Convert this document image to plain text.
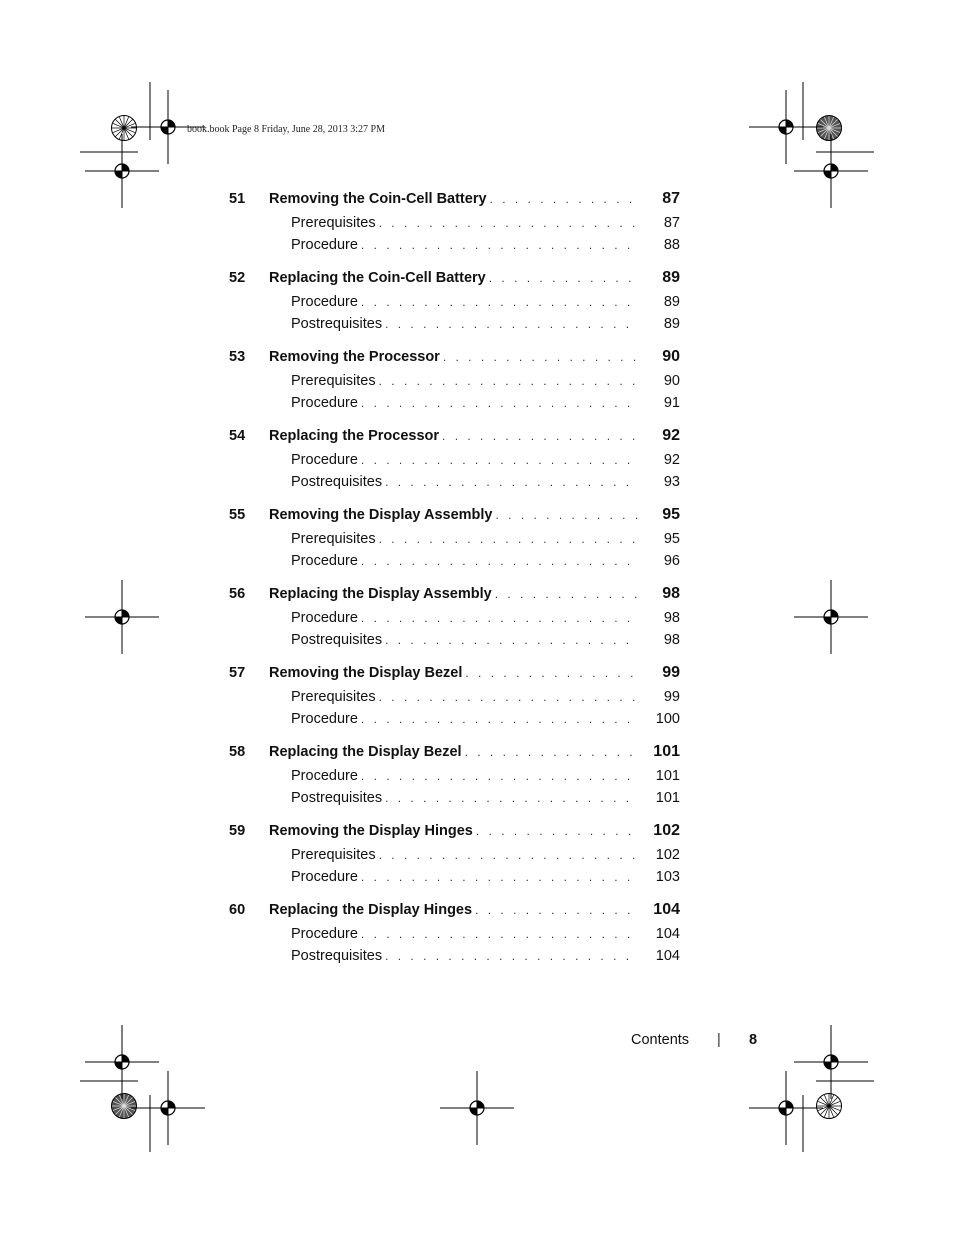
book.book Page 8 Friday, June 28, 2013 3:27 PM
51	Removing the Coin-Cell Battery . . .	87
Prerequisites . . .	87
Procedure . . .	88
52	Replacing the Coin-Cell Battery . . .	89
Procedure . . .	89
Postrequisites . . .	89
53	Removing the Processor . . .	90
Prerequisites . . .	90
Procedure . . .	91
54	Replacing the Processor . . .	92
Procedure . . .	92
Postrequisites . . .	93
55	Removing the Display Assembly . . .	95
Prerequisites . . .	95
Procedure . . .	96
56	Replacing the Display Assembly . . .	98
Procedure . . .	98
Postrequisites . . .	98
57	Removing the Display Bezel . . .	99
Prerequisites . . .	99
Procedure . . .	100
58	Replacing the Display Bezel . . .	101
Procedure . . .	101
Postrequisites . . .	101
59	Removing the Display Hinges . . .	102
Prerequisites . . .	102
Procedure . . .	103
60	Replacing the Display Hinges . . .	104
Procedure . . .	104
Postrequisites . . .	104
Contents | 8
